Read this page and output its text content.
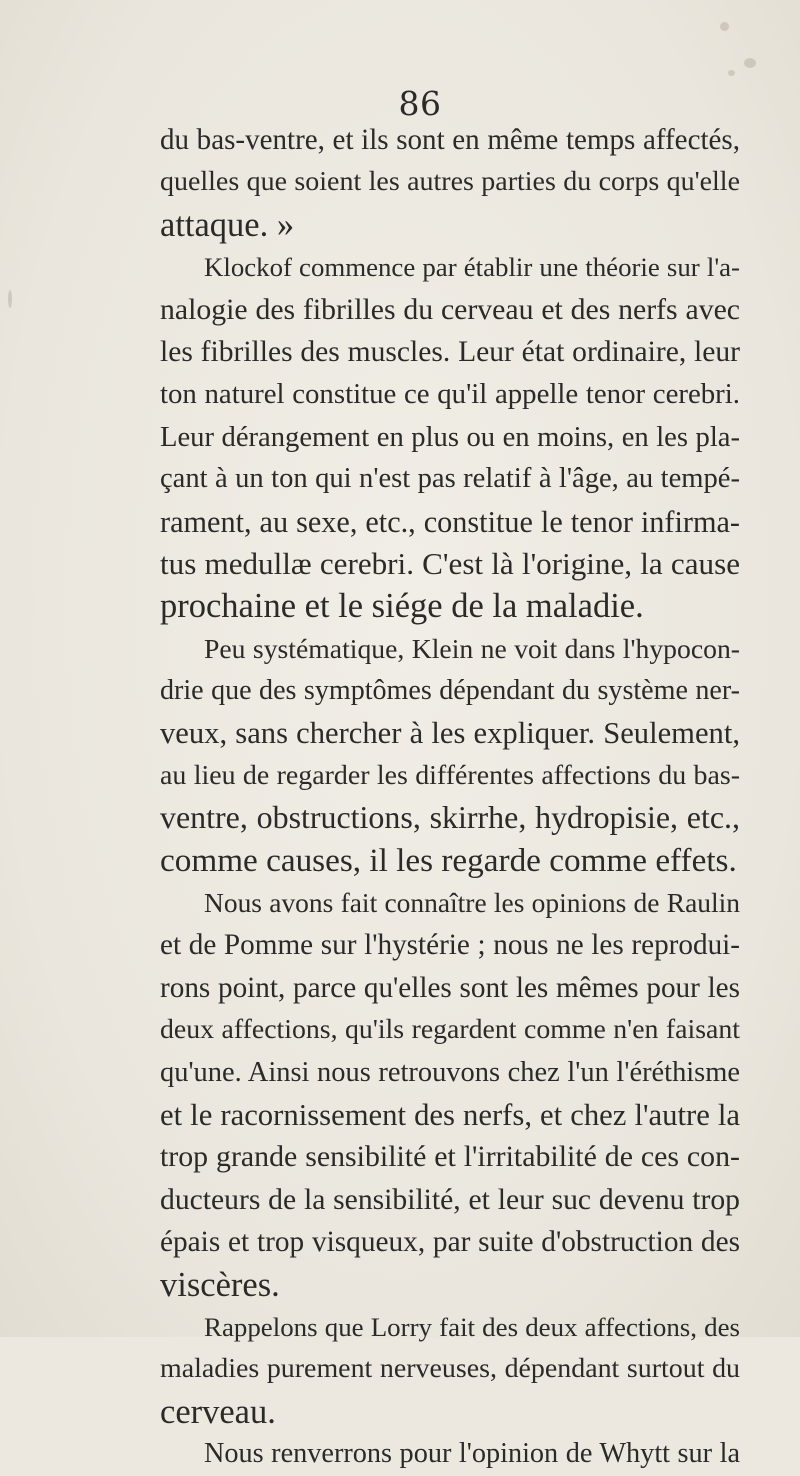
86
du bas-ventre, et ils sont en même temps affectés,
quelles que soient les autres parties du corps qu'elle
attaque. »
Klockof commence par établir une théorie sur l'a-
nalogie des fibrilles du cerveau et des nerfs avec
les fibrilles des muscles. Leur état ordinaire, leur
ton naturel constitue ce qu'il appelle tenor cerebri.
Leur dérangement en plus ou en moins, en les pla-
çant à un ton qui n'est pas relatif à l'âge, au tempé-
rament, au sexe, etc., constitue le tenor infirma-
tus medullæ cerebri. C'est là l'origine, la cause
prochaine et le siége de la maladie.
Peu systématique, Klein ne voit dans l'hypocon-
drie que des symptômes dépendant du système ner-
veux, sans chercher à les expliquer. Seulement,
au lieu de regarder les différentes affections du bas-
ventre, obstructions, skirrhe, hydropisie, etc.,
comme causes, il les regarde comme effets.
Nous avons fait connaître les opinions de Raulin
et de Pomme sur l'hystérie ; nous ne les reprodui-
rons point, parce qu'elles sont les mêmes pour les
deux affections, qu'ils regardent comme n'en faisant
qu'une. Ainsi nous retrouvons chez l'un l'éréthisme
et le racornissement des nerfs, et chez l'autre la
trop grande sensibilité et l'irritabilité de ces con-
ducteurs de la sensibilité, et leur suc devenu trop
épais et trop visqueux, par suite d'obstruction des
viscères.
Rappelons que Lorry fait des deux affections, des
maladies purement nerveuses, dépendant surtout du
cerveau.
Nous renverrons pour l'opinion de Whytt sur la
